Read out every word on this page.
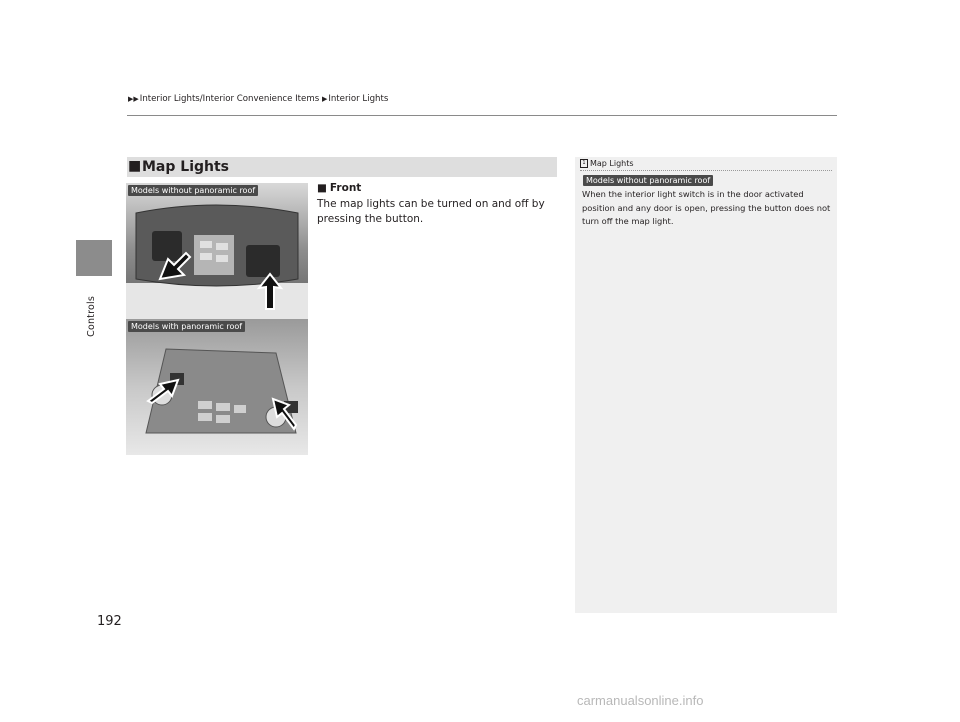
Controls
▶▶Interior Lights/Interior Convenience Items ▶Interior Lights
■ Map Lights
Models without panoramic roof
Models with panoramic roof
■ Front
The map lights can be turned on and off by pressing the button.
1 Map Lights
Models without panoramic roof
When the interior light switch is in the door activated position and any door is open, pressing the button does not turn off the map light.
192
carmanualsonline.info
